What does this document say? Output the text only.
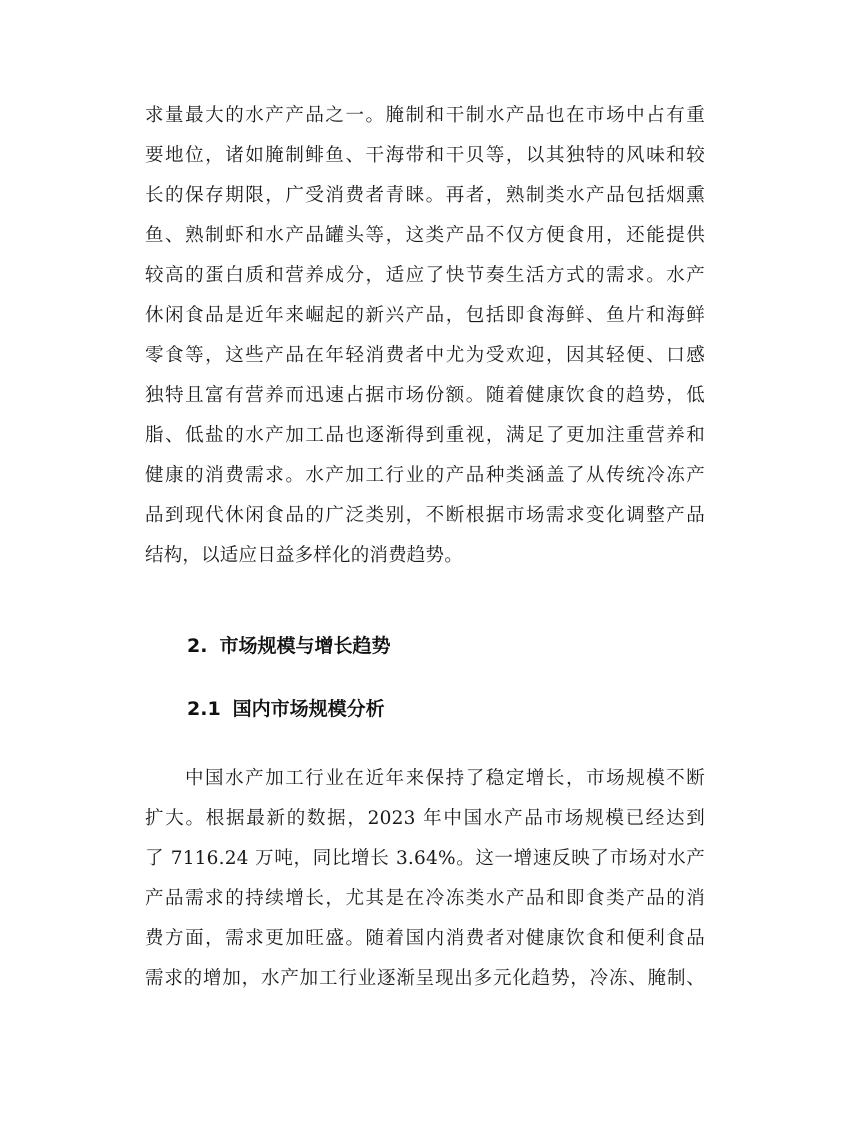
求量最大的水产产品之一。腌制和干制水产品也在市场中占有重
要地位，诸如腌制鲱鱼、干海带和干贝等，以其独特的风味和较
长的保存期限，广受消费者青睐。再者，熟制类水产品包括烟熏
鱼、熟制虾和水产品罐头等，这类产品不仅方便食用，还能提供
较高的蛋白质和营养成分，适应了快节奏生活方式的需求。水产
休闲食品是近年来崛起的新兴产品，包括即食海鲜、鱼片和海鲜
零食等，这些产品在年轻消费者中尤为受欢迎，因其轻便、口感
独特且富有营养而迅速占据市场份额。随着健康饮食的趋势，低
脂、低盐的水产加工品也逐渐得到重视，满足了更加注重营养和
健康的消费需求。水产加工行业的产品种类涵盖了从传统冷冻产
品到现代休闲食品的广泛类别，不断根据市场需求变化调整产品
结构，以适应日益多样化的消费趋势。
2. 市场规模与增长趋势
2.1 国内市场规模分析
中国水产加工行业在近年来保持了稳定增长，市场规模不断
扩大。根据最新的数据，2023 年中国水产品市场规模已经达到
了 7116.24 万吨，同比增长 3.64%。这一增速反映了市场对水产
产品需求的持续增长，尤其是在冷冻类水产品和即食类产品的消
费方面，需求更加旺盛。随着国内消费者对健康饮食和便利食品
需求的增加，水产加工行业逐渐呈现出多元化趋势，冷冻、腌制、
